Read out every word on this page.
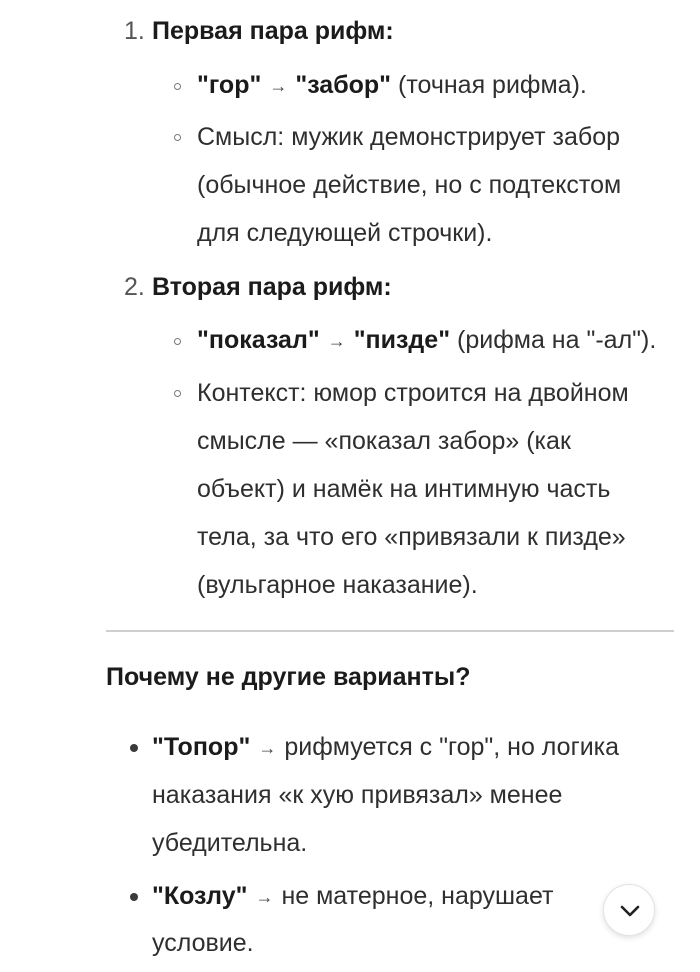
1. Первая пара рифм:
"гор" → "забор" (точная рифма).
Смысл: мужик демонстрирует забор
(обычное действие, но с подтекстом
для следующей строчки).
2. Вторая пара рифм:
"показал" → "пизде" (рифма на "-ал").
Контекст: юмор строится на двойном
смысле — «показал забор» (как
объект) и намёк на интимную часть
тела, за что его «привязали к пизде»
(вульгарное наказание).
Почему не другие варианты?
"Топор" → рифмуется с "гор", но логика
наказания «к хую привязал» менее
убедительна.
"Козлу" → не матерное, нарушает
условие.
